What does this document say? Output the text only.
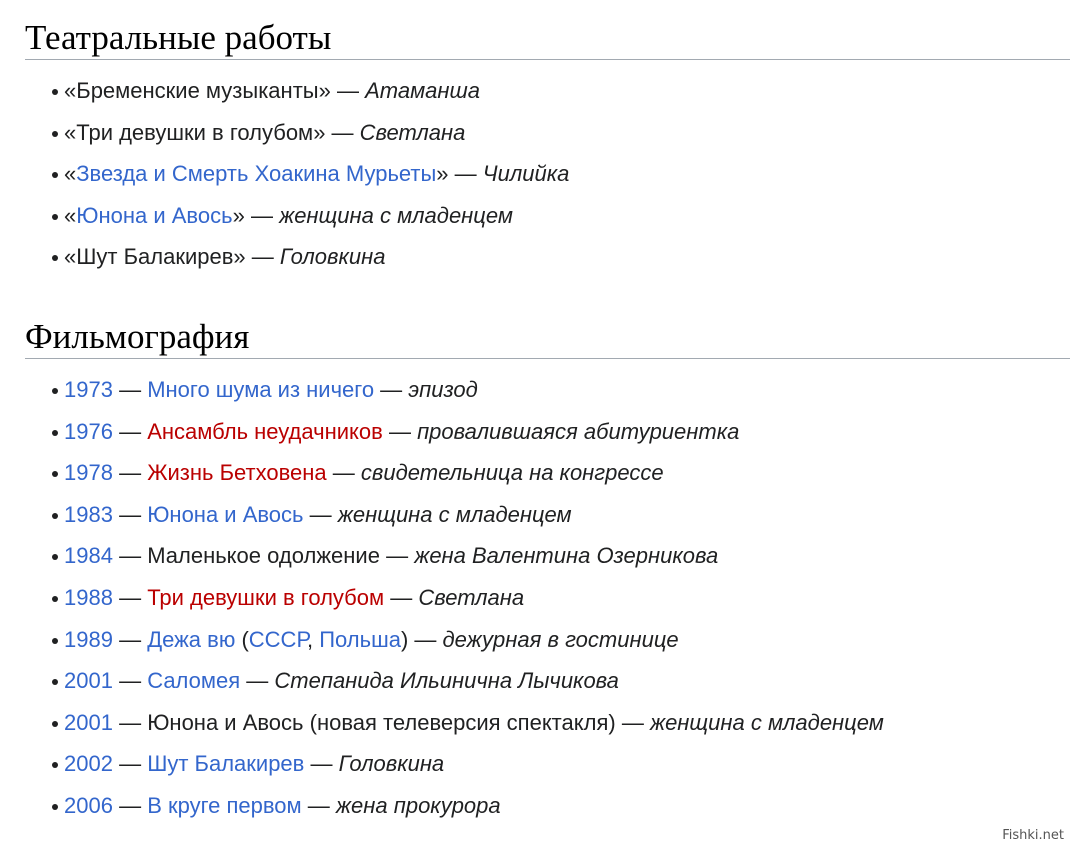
Театральные работы
«Бременские музыканты» — Атаманша
«Три девушки в голубом» — Светлана
«Звезда и Смерть Хоакина Мурьеты» — Чилийка
«Юнона и Авось» — женщина с младенцем
«Шут Балакирев» — Головкина
Фильмография
1973 — Много шума из ничего — эпизод
1976 — Ансамбль неудачников — провалившаяся абитуриентка
1978 — Жизнь Бетховена — свидетельница на конгрессе
1983 — Юнона и Авось — женщина с младенцем
1984 — Маленькое одолжение — жена Валентина Озерникова
1988 — Три девушки в голубом — Светлана
1989 — Дежа вю (СССР, Польша) — дежурная в гостинице
2001 — Саломея — Степанида Ильинична Лычикова
2001 — Юнона и Авось (новая телеверсия спектакля) — женщина с младенцем
2002 — Шут Балакирев — Головкина
2006 — В круге первом — жена прокурора
Fishki.net
